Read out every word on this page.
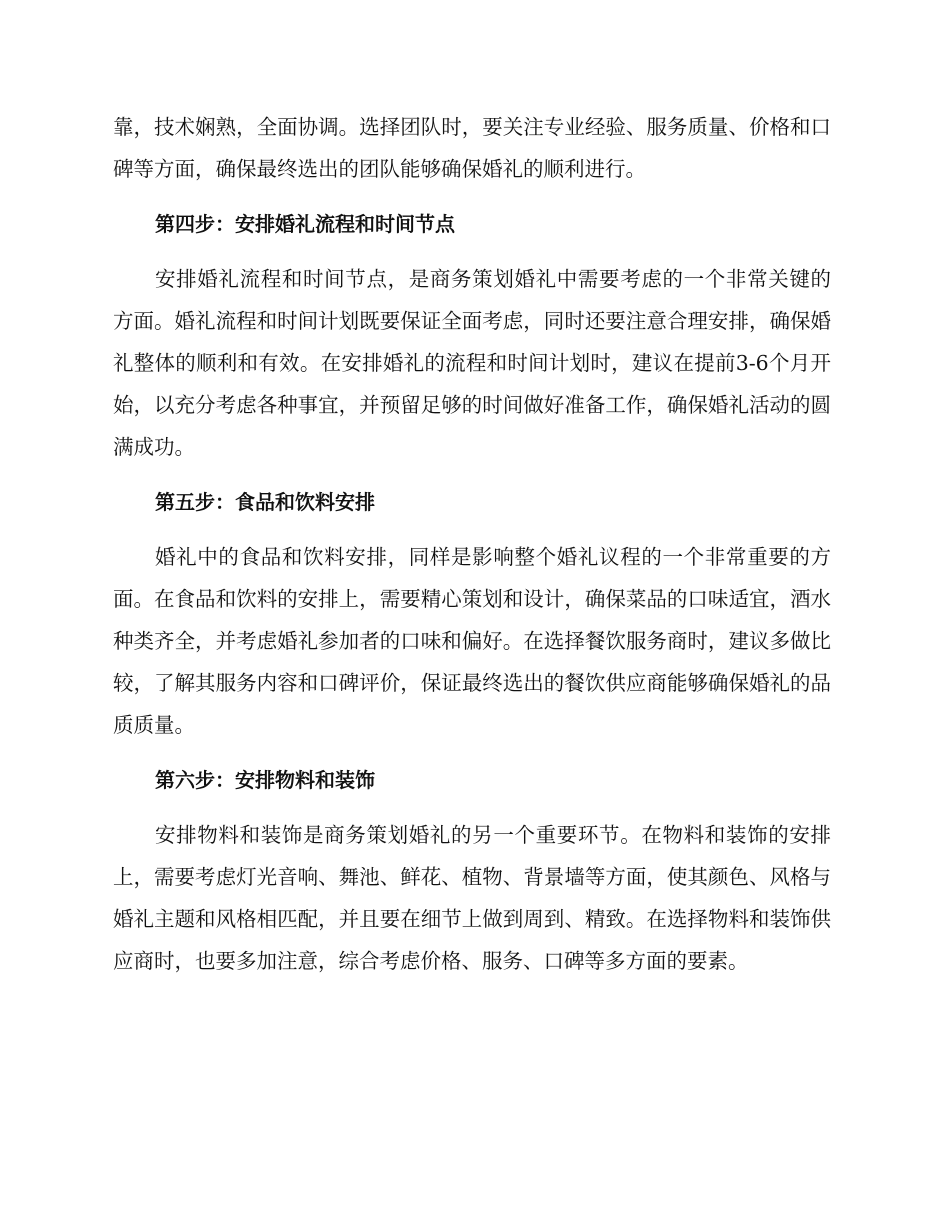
靠，技术娴熟，全面协调。选择团队时，要关注专业经验、服务质量、价格和口碑等方面，确保最终选出的团队能够确保婚礼的顺利进行。

第四步：安排婚礼流程和时间节点

安排婚礼流程和时间节点，是商务策划婚礼中需要考虑的一个非常关键的方面。婚礼流程和时间计划既要保证全面考虑，同时还要注意合理安排，确保婚礼整体的顺利和有效。在安排婚礼的流程和时间计划时，建议在提前3-6个月开始，以充分考虑各种事宜，并预留足够的时间做好准备工作，确保婚礼活动的圆满成功。

第五步：食品和饮料安排

婚礼中的食品和饮料安排，同样是影响整个婚礼议程的一个非常重要的方面。在食品和饮料的安排上，需要精心策划和设计，确保菜品的口味适宜，酒水种类齐全，并考虑婚礼参加者的口味和偏好。在选择餐饮服务商时，建议多做比较，了解其服务内容和口碑评价，保证最终选出的餐饮供应商能够确保婚礼的品质质量。

第六步：安排物料和装饰

安排物料和装饰是商务策划婚礼的另一个重要环节。在物料和装饰的安排上，需要考虑灯光音响、舞池、鲜花、植物、背景墙等方面，使其颜色、风格与婚礼主题和风格相匹配，并且要在细节上做到周到、精致。在选择物料和装饰供应商时，也要多加注意，综合考虑价格、服务、口碑等多方面的要素。
